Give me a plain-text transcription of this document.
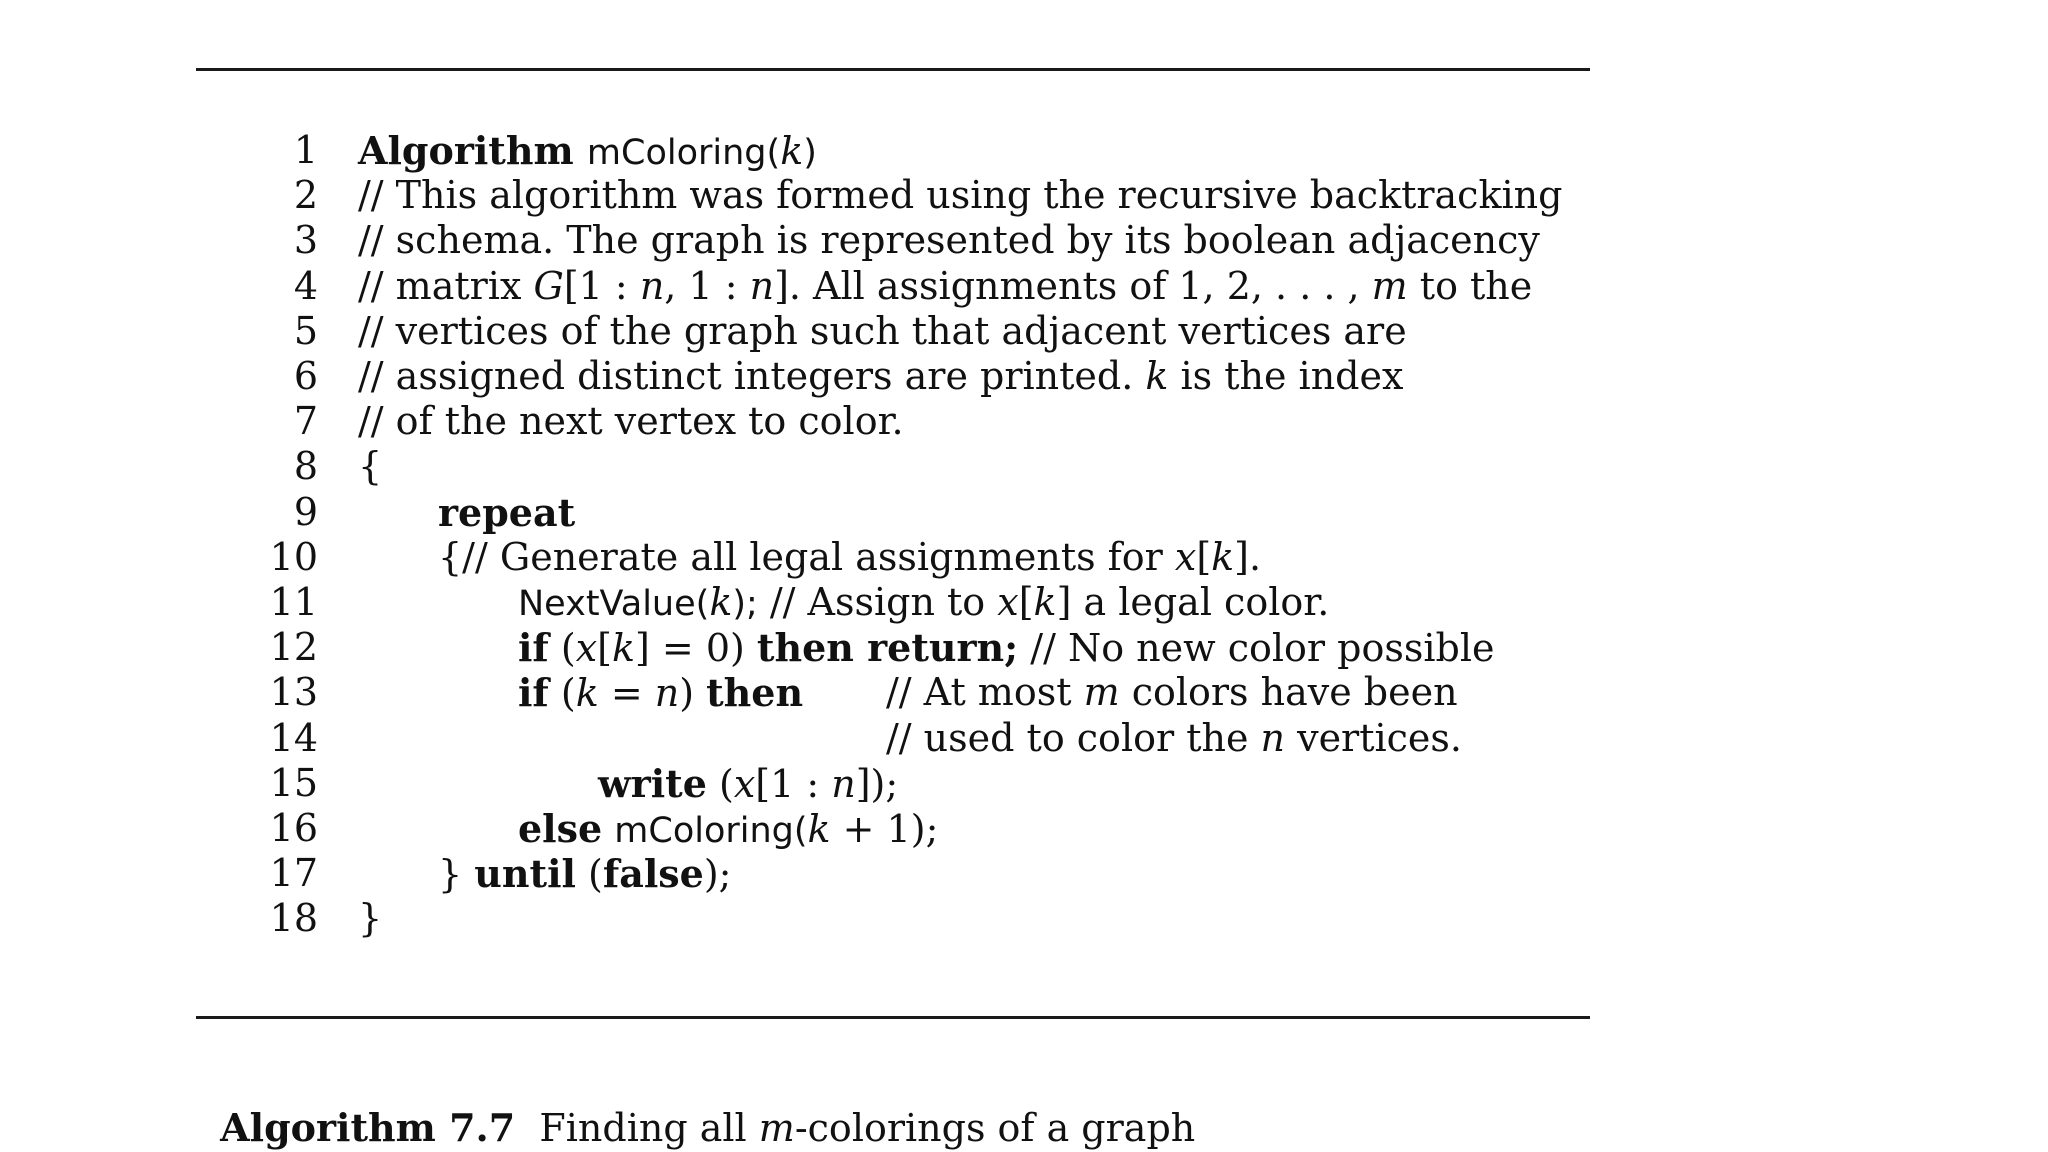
1 Algorithm mColoring(k)
2 // This algorithm was formed using the recursive backtracking
3 // schema. The graph is represented by its boolean adjacency
4 // matrix G[1 : n, 1 : n]. All assignments of 1, 2, . . . , m to the
5 // vertices of the graph such that adjacent vertices are
6 // assigned distinct integers are printed. k is the index
7 // of the next vertex to color.
8 {
9	repeat
10	{// Generate all legal assignments for x[k].
11	NextValue(k); // Assign to x[k] a legal color.
12	if (x[k] = 0) then return; // No new color possible
13	if (k = n) then // At most m colors have been
14	// used to color the n vertices.
15	write (x[1 : n]);
16	else mColoring(k + 1);
17	} until (false);
18 }

Algorithm 7.7 Finding all m-colorings of a graph
